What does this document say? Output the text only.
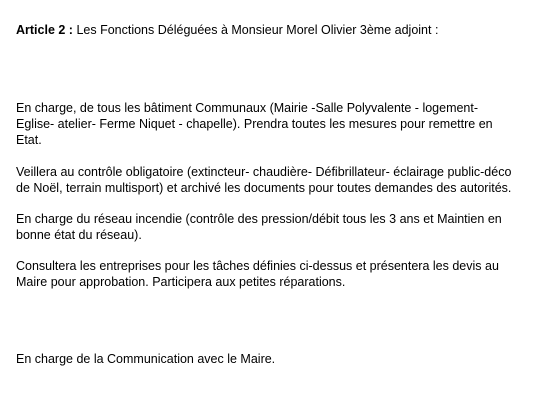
Article 2 : Les Fonctions Déléguées à Monsieur Morel Olivier 3ème adjoint :
En charge, de tous les bâtiment Communaux (Mairie -Salle Polyvalente - logement-
Eglise- atelier- Ferme Niquet - chapelle). Prendra toutes les mesures pour remettre en
Etat.
Veillera au contrôle obligatoire (extincteur- chaudière- Défibrillateur- éclairage public-déco
de Noël, terrain multisport) et archivé les documents pour toutes demandes des autorités.
En charge du réseau incendie (contrôle des pression/débit tous les 3 ans et Maintien en
bonne état du réseau).
Consultera les entreprises pour les tâches définies ci-dessus et présentera les devis au
Maire pour approbation. Participera aux petites réparations.
En charge de la Communication avec le Maire.
